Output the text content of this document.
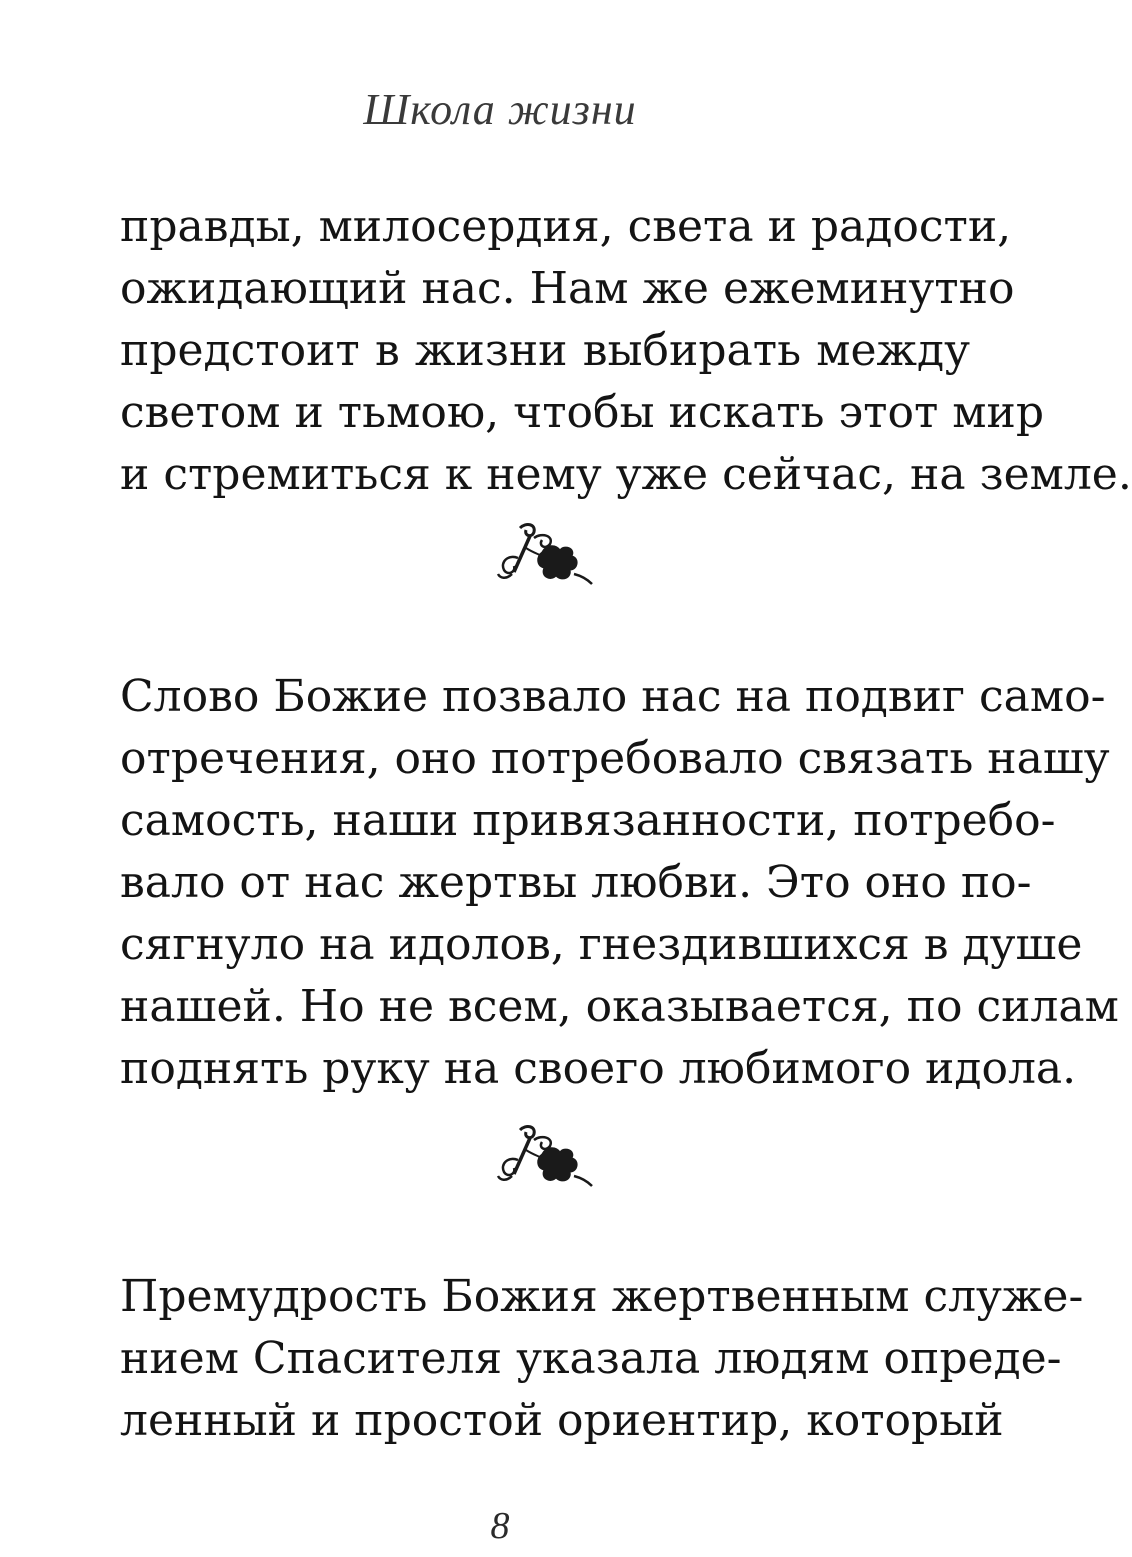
Школа жизни
правды, милосердия, света и радости,
ожидающий нас. Нам же ежеминутно
предстоит в жизни выбирать между
светом и тьмою, чтобы искать этот мир
и стремиться к нему уже сейчас, на земле.
Слово Божие позвало нас на подвиг само-
отречения, оно потребовало связать нашу
самость, наши привязанности, потребо-
вало от нас жертвы любви. Это оно по-
сягнуло на идолов, гнездившихся в душе
нашей. Но не всем, оказывается, по силам
поднять руку на своего любимого идола.
Премудрость Божия жертвенным служе-
нием Спасителя указала людям опреде-
ленный и простой ориентир, который
8
